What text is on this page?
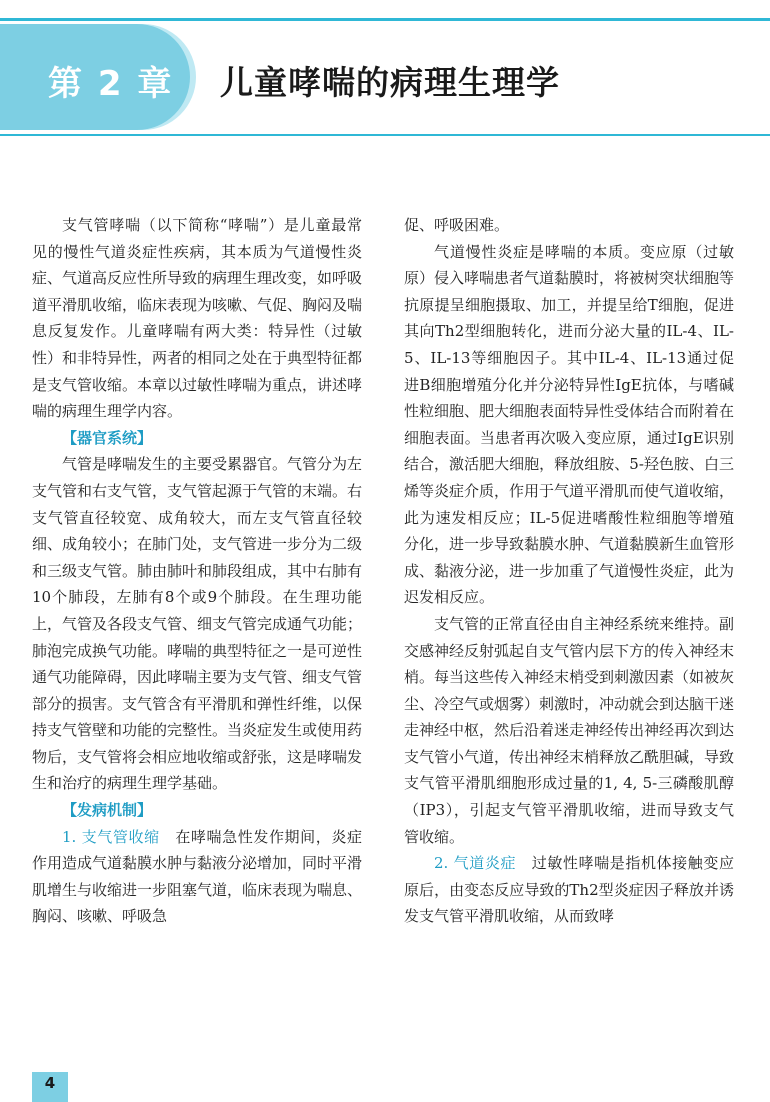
第 2 章 儿童哮喘的病理生理学

支气管哮喘（以下简称“哮喘”）是儿童最常见的慢性气道炎症性疾病，其本质为气道慢性炎症、气道高反应性所导致的病理生理改变，如呼吸道平滑肌收缩，临床表现为咳嗽、气促、胸闷及喘息反复发作。儿童哮喘有两大类：特异性（过敏性）和非特异性，两者的相同之处在于典型特征都是支气管收缩。本章以过敏性哮喘为重点，讲述哮喘的病理生理学内容。

【器官系统】

气管是哮喘发生的主要受累器官。气管分为左支气管和右支气管，支气管起源于气管的末端。右支气管直径较宽、成角较大，而左支气管直径较细、成角较小；在肺门处，支气管进一步分为二级和三级支气管。肺由肺叶和肺段组成，其中右肺有10个肺段，左肺有8个或9个肺段。在生理功能上，气管及各段支气管、细支气管完成通气功能；肺泡完成换气功能。哮喘的典型特征之一是可逆性通气功能障碍，因此哮喘主要为支气管、细支气管部分的损害。支气管含有平滑肌和弹性纤维，以保持支气管壁和功能的完整性。当炎症发生或使用药物后，支气管将会相应地收缩或舒张，这是哮喘发生和治疗的病理生理学基础。

【发病机制】

1. 支气管收缩　在哮喘急性发作期间，炎症作用造成气道黏膜水肿与黏液分泌增加，同时平滑肌增生与收缩进一步阻塞气道，临床表现为喘息、胸闷、咳嗽、呼吸急

促、呼吸困难。

气道慢性炎症是哮喘的本质。变应原（过敏原）侵入哮喘患者气道黏膜时，将被树突状细胞等抗原提呈细胞摄取、加工，并提呈给T细胞，促进其向Th2型细胞转化，进而分泌大量的IL-4、IL-5、IL-13等细胞因子。其中IL-4、IL-13通过促进B细胞增殖分化并分泌特异性IgE抗体，与嗜碱性粒细胞、肥大细胞表面特异性受体结合而附着在细胞表面。当患者再次吸入变应原，通过IgE识别结合，激活肥大细胞，释放组胺、5-羟色胺、白三烯等炎症介质，作用于气道平滑肌而使气道收缩，此为速发相反应；IL-5促进嗜酸性粒细胞等增殖分化，进一步导致黏膜水肿、气道黏膜新生血管形成、黏液分泌，进一步加重了气道慢性炎症，此为迟发相反应。

支气管的正常直径由自主神经系统来维持。副交感神经反射弧起自支气管内层下方的传入神经末梢。每当这些传入神经末梢受到刺激因素（如被灰尘、冷空气或烟雾）刺激时，冲动就会到达脑干迷走神经中枢，然后沿着迷走神经传出神经再次到达支气管小气道，传出神经末梢释放乙酰胆碱，导致支气管平滑肌细胞形成过量的1, 4, 5-三磷酸肌醇（IP3），引起支气管平滑肌收缩，进而导致支气管收缩。

2. 气道炎症　过敏性哮喘是指机体接触变应原后，由变态反应导致的Th2型炎症因子释放并诱发支气管平滑肌收缩，从而致哮

4
